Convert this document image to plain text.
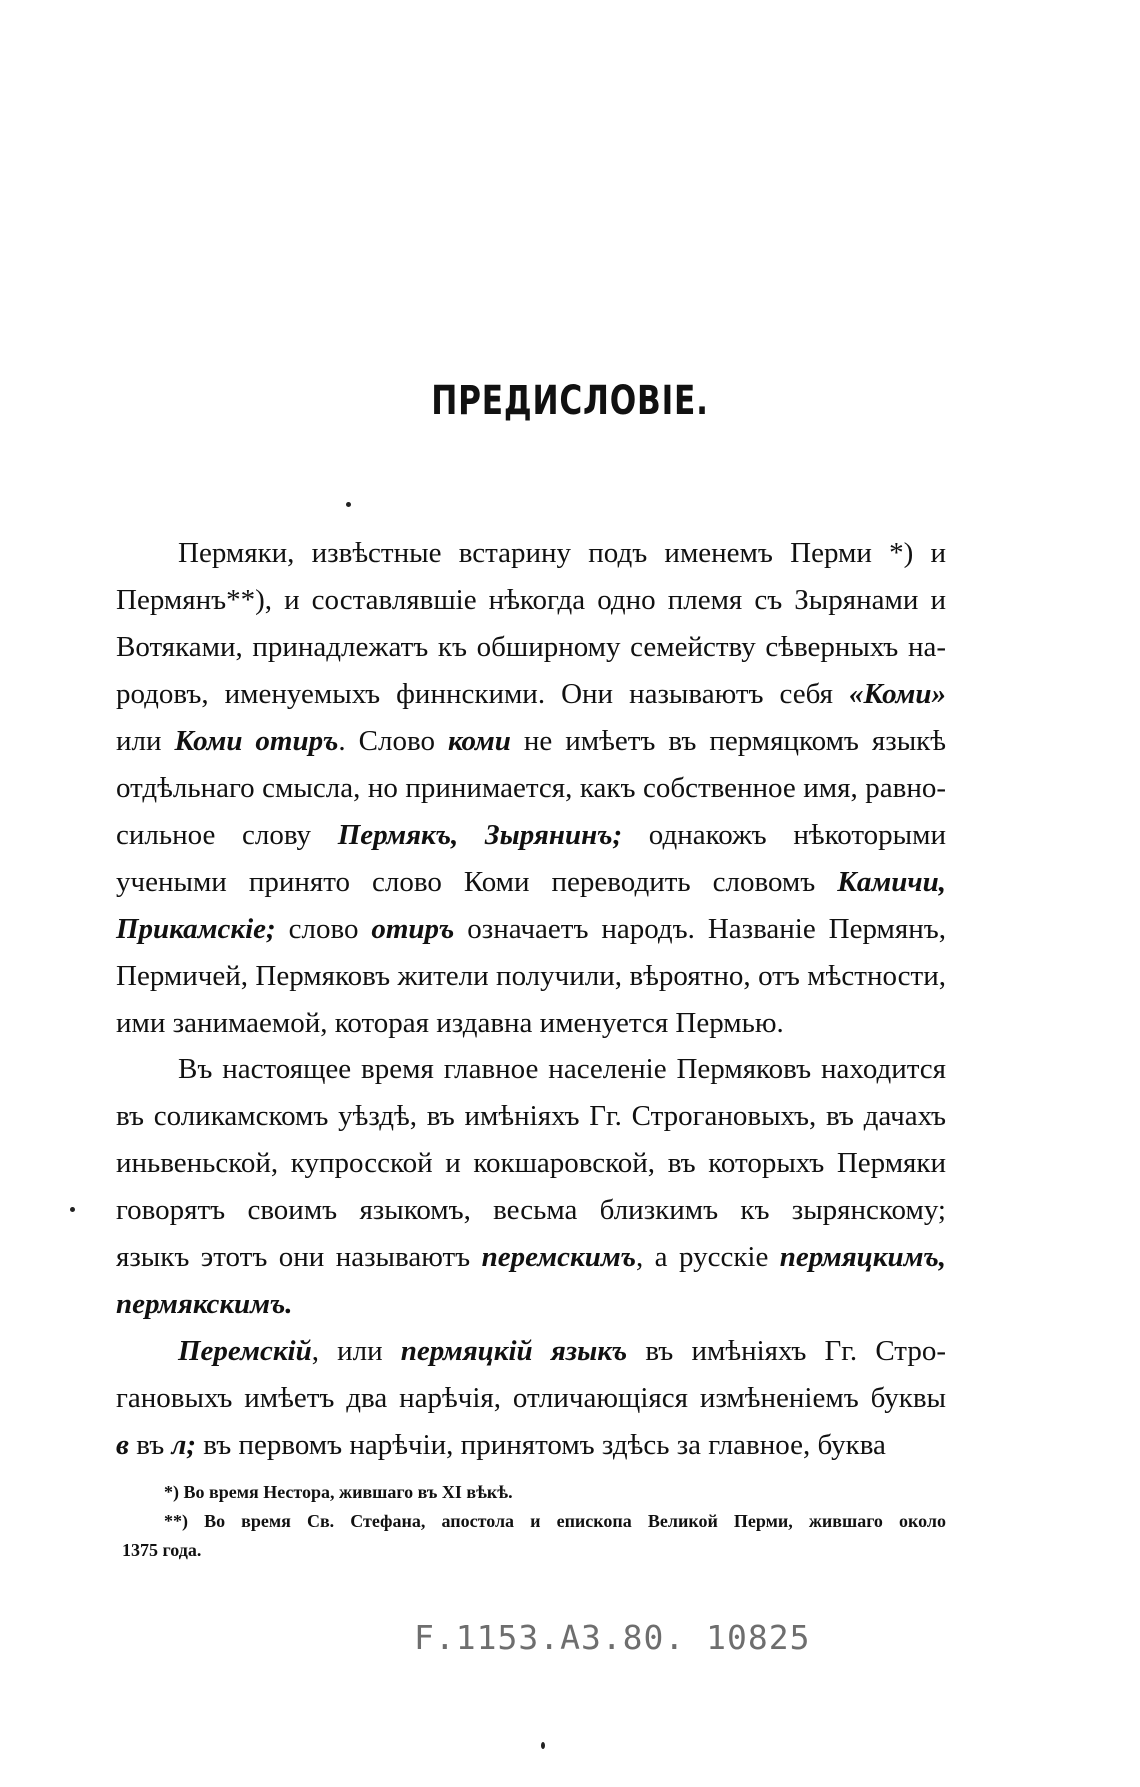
ПРЕДИСЛОВІЕ.
Пермяки, извѣстные встарину подъ именемъ Перми *) и
Пермянъ**), и составлявшіе нѣкогда одно племя съ Зырянами и
Вотяками, принадлежатъ къ обширному семейству сѣверныхъ на-
родовъ, именуемыхъ финнскими. Они называютъ себя «Коми»
или Коми отиръ. Слово коми не имѣетъ въ пермяцкомъ языкѣ
отдѣльнаго смысла, но принимается, какъ собственное имя, равно-
сильное слову Пермякъ, Зырянинъ; однакожъ нѣкоторыми
учеными принято слово Коми переводить словомъ Камичи,
Прикамскіе; слово отиръ означаетъ народъ. Названіе Пермянъ,
Пермичей, Пермяковъ жители получили, вѣроятно, отъ мѣстности,
ими занимаемой, которая издавна именуется Пермью.
Въ настоящее время главное населеніе Пермяковъ находится
въ соликамскомъ уѣздѣ, въ имѣніяхъ Гг. Строгановыхъ, въ дачахъ
иньвеньской, купросской и кокшаровской, въ которыхъ Пермяки
говорятъ своимъ языкомъ, весьма близкимъ къ зырянскому;
языкъ этотъ они называютъ перемскимъ, а русскіе пермяцкимъ,
пермякскимъ.
Перемскій, или пермяцкій языкъ въ имѣніяхъ Гг. Стро-
гановыхъ имѣетъ два нарѣчія, отличающіяся измѣненіемъ буквы
в въ л; въ первомъ нарѣчіи, принятомъ здѣсь за главное, буква
*) Во время Нестора, жившаго въ XI вѣкѣ.
**) Во время Св. Стефана, апостола и епископа Великой Перми, жившаго около
1375 года.
F.1153.А3.80. 10825
